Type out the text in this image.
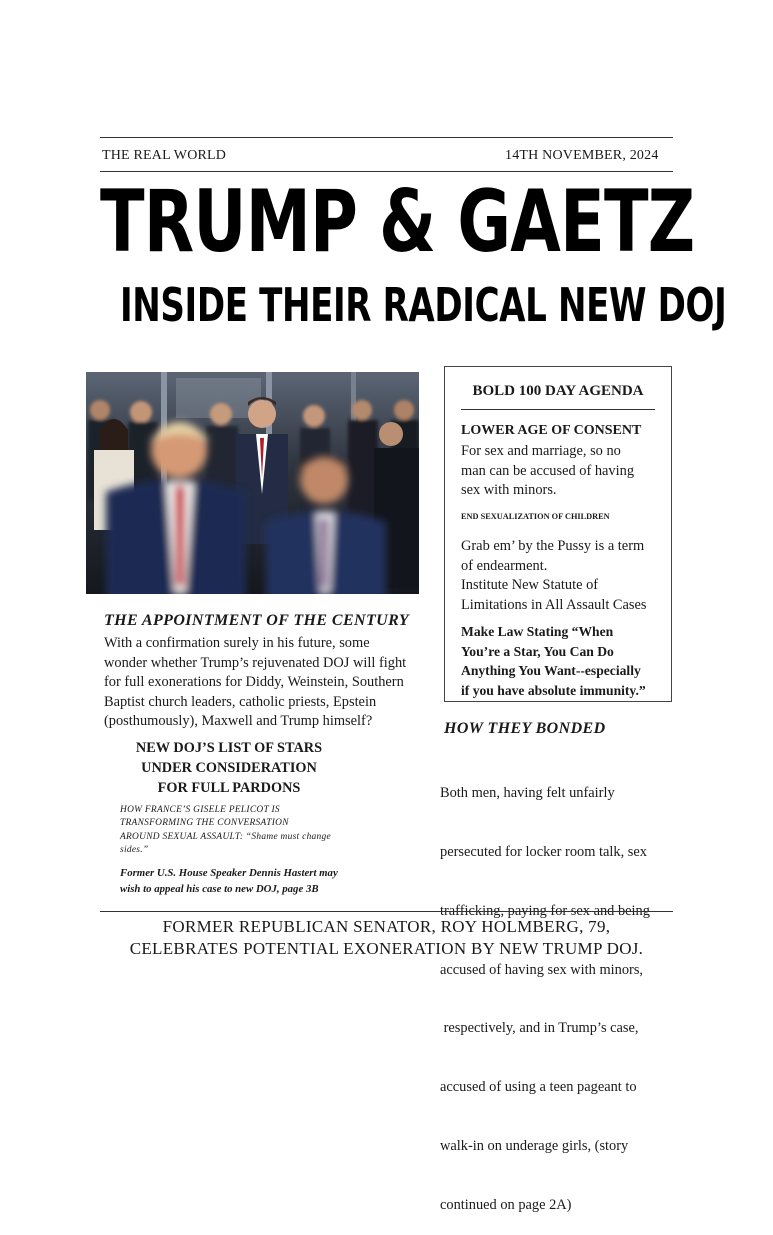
THE REAL WORLD	14TH NOVEMBER, 2024
TRUMP & GAETZ
INSIDE THEIR RADICAL NEW DOJ
THE APPOINTMENT OF THE CENTURY
With a confirmation surely in his future, some
wonder whether Trump’s rejuvenated DOJ will fight
for full exonerations for Diddy, Weinstein, Southern
Baptist church leaders, catholic priests, Epstein
(posthumously), Maxwell and Trump himself?
NEW DOJ’S LIST OF STARS
UNDER CONSIDERATION
FOR FULL PARDONS
HOW FRANCE’S GISELE PELICOT IS
TRANSFORMING THE CONVERSATION
AROUND SEXUAL ASSAULT: “Shame must change
sides.”
Former U.S. House Speaker Dennis Hastert may
wish to appeal his case to new DOJ, page 3B
BOLD 100 DAY AGENDA
LOWER AGE OF CONSENT
For sex and marriage, so no
man can be accused of having
sex with minors.
END SEXUALIZATION OF CHILDREN
Grab em’ by the Pussy is a term
of endearment.
Institute New Statute of
Limitations in All Assault Cases
Make Law Stating “When
You’re a Star, You Can Do
Anything You Want--especially
if you have absolute immunity.”
HOW THEY BONDED

Both men, having felt unfairly

persecuted for locker room talk, sex

trafficking, paying for sex and being

accused of having sex with minors,

respectively, and in Trump’s case,

accused of using a teen pageant to

walk-in on underage girls, (story

continued on page 2A)

FORMER REPUBLICAN SENATOR, ROY HOLMBERG, 79,
CELEBRATES POTENTIAL EXONERATION BY NEW TRUMP DOJ.
